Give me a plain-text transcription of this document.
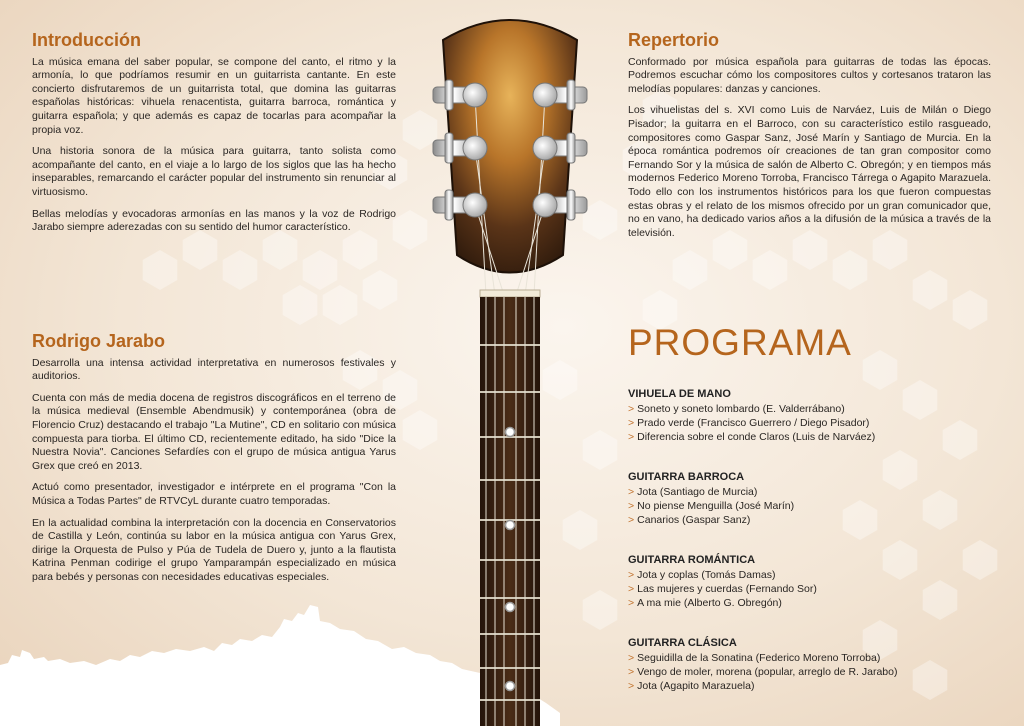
Introducción

La música emana del saber popular, se compone del canto, el ritmo y la armonía, lo que podríamos resumir en un guitarrista cantante. En este concierto disfrutaremos de un guitarrista total, que domina las guitarras españolas históricas: vihuela renacentista, guitarra barroca, romántica y guitarra española; y que además es capaz de tocarlas para acompañar la propia voz.

Una historia sonora de la música para guitarra, tanto solista como acompañante del canto, en el viaje a lo largo de los siglos que las ha hecho inseparables, remarcando el carácter popular del instrumento sin renunciar al virtuosismo.

Bellas melodías y evocadoras armonías en las manos y la voz de Rodrigo Jarabo siempre aderezadas con su sentido del humor característico.

Rodrigo Jarabo

Desarrolla una intensa actividad interpretativa en numerosos festivales y auditorios.

Cuenta con más de media docena de registros discográficos en el terreno de la música medieval (Ensemble Abendmusik) y contemporánea (obra de Florencio Cruz) destacando el trabajo "La Mutine", CD en solitario con música compuesta para tiorba. El último CD, recientemente editado, ha sido "Dice la Nuestra Novia". Canciones Sefardíes con el grupo de música antigua Yarus Grex que creó en 2013.

Actuó como presentador, investigador e intérprete en el programa "Con la Música a Todas Partes" de RTVCyL durante cuatro temporadas.

En la actualidad combina la interpretación con la docencia en Conservatorios de Castilla y León, continúa su labor en la música antigua con Yarus Grex, dirige la Orquesta de Pulso y Púa de Tudela de Duero y, junto a la flautista Katrina Penman codirige el grupo Yamparampán especializado en música para bebés y personas con necesidades educativas especiales.

Repertorio

Conformado por música española para guitarras de todas las épocas. Podremos escuchar cómo los compositores cultos y cortesanos trataron las melodías populares: danzas y canciones.

Los vihuelistas del s. XVI como Luis de Narváez, Luis de Milán o Diego Pisador; la guitarra en el Barroco, con su característico estilo rasgueado, compositores como Gaspar Sanz, José Marín y Santiago de Murcia. En la época romántica podremos oír creaciones de tan gran compositor como Fernando Sor y la música de salón de Alberto C. Obregón; y en tiempos más modernos Federico Moreno Torroba, Francisco Tárrega o Agapito Marazuela. Todo ello con los instrumentos históricos para los que fueron compuestas estas obras y el relato de los mismos ofrecido por un gran comunicador que, no en vano, ha dedicado varios años a la difusión de la música a través de la televisión.

PROGRAMA
VIHUELA DE MANO
> Soneto y soneto lombardo (E. Valderrábano)
> Prado verde (Francisco Guerrero / Diego Pisador)
> Diferencia sobre el conde Claros (Luis de Narváez)
GUITARRA BARROCA
> Jota (Santiago de Murcia)
> No piense Menguilla (José Marín)
> Canarios (Gaspar Sanz)
GUITARRA ROMÁNTICA
> Jota y coplas (Tomás Damas)
> Las mujeres y cuerdas (Fernando Sor)
> A ma mie (Alberto G. Obregón)
GUITARRA CLÁSICA
> Seguidilla de la Sonatina (Federico Moreno Torroba)
> Vengo de moler, morena (popular, arreglo de R. Jarabo)
> Jota (Agapito Marazuela)
